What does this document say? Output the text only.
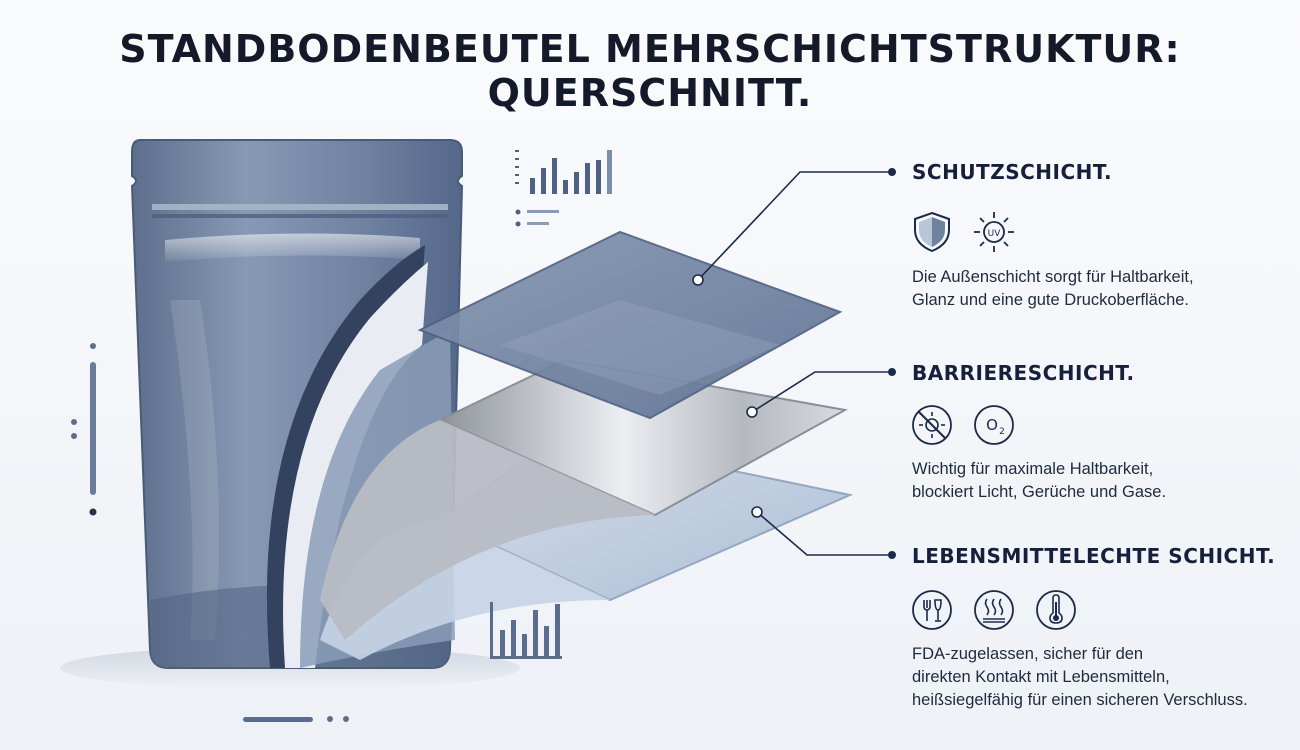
STANDBODENBEUTEL MEHRSCHICHTSTRUKTUR:
QUERSCHNITT.
SCHUTZSCHICHT.
UV
Die Außenschicht sorgt für Haltbarkeit,
Glanz und eine gute Druckoberfläche.
BARRIERESCHICHT.
O 2
Wichtig für maximale Haltbarkeit,
blockiert Licht, Gerüche und Gase.
LEBENSMITTELECHTE SCHICHT.
FDA-zugelassen, sicher für den
direkten Kontakt mit Lebensmitteln,
heißsiegelfähig für einen sicheren Verschluss.
